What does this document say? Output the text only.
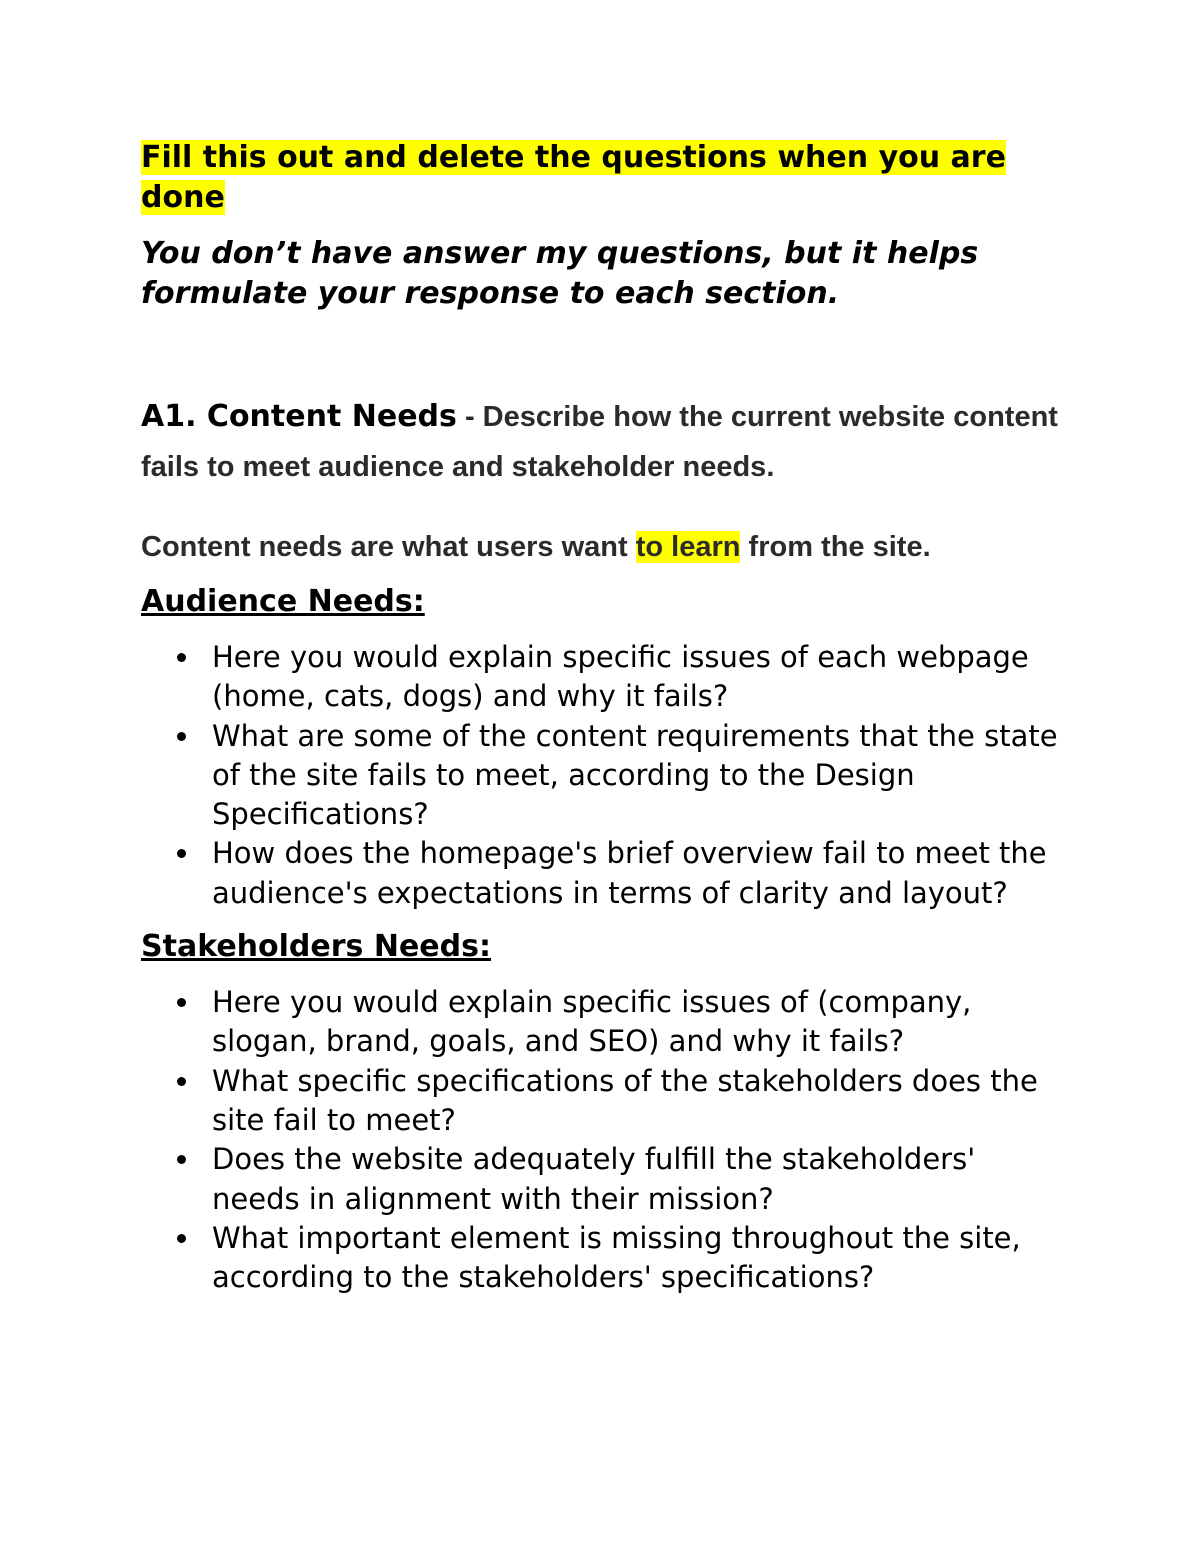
Fill this out and delete the questions when you are done

You don’t have answer my questions, but it helps formulate your response to each section.

A1. Content Needs - Describe how the current website content fails to meet audience and stakeholder needs.

Content needs are what users want to learn from the site.

Audience Needs:

Here you would explain specific issues of each webpage (home, cats, dogs) and why it fails?
What are some of the content requirements that the state of the site fails to meet, according to the Design Specifications?
How does the homepage's brief overview fail to meet the audience's expectations in terms of clarity and layout?

Stakeholders Needs:

Here you would explain specific issues of (company, slogan, brand, goals, and SEO) and why it fails?
What specific specifications of the stakeholders does the site fail to meet?
Does the website adequately fulfill the stakeholders' needs in alignment with their mission?
What important element is missing throughout the site, according to the stakeholders' specifications?
